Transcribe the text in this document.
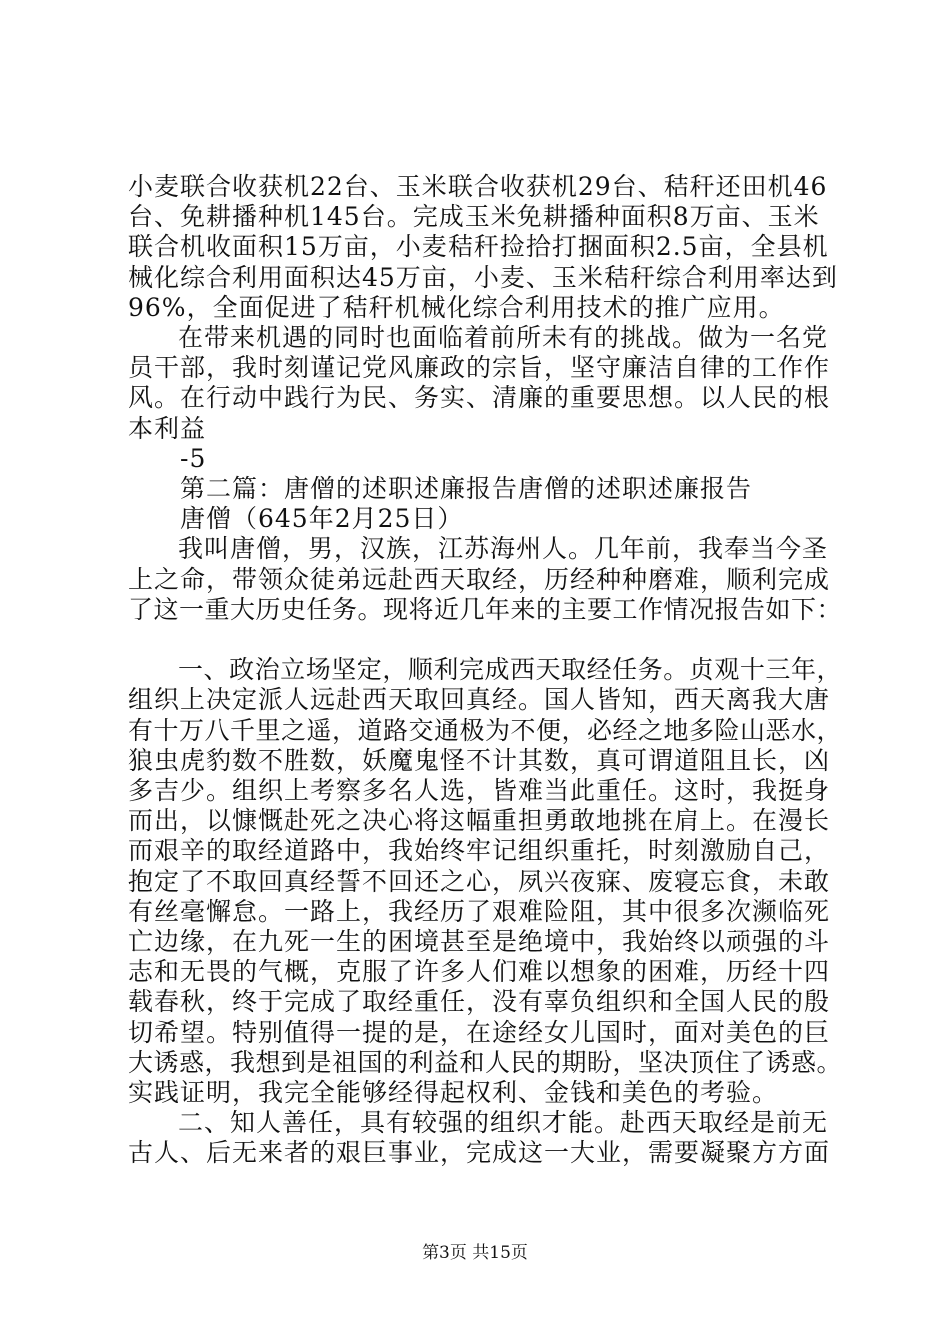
小麦联合收获机22台、玉米联合收获机29台、秸秆还田机46
台、免耕播种机145台。完成玉米免耕播种面积8万亩、玉米
联合机收面积15万亩，小麦秸秆捡拾打捆面积2.5亩，全县机
械化综合利用面积达45万亩，小麦、玉米秸秆综合利用率达到
96%，全面促进了秸秆机械化综合利用技术的推广应用。
在带来机遇的同时也面临着前所未有的挑战。做为一名党
员干部，我时刻谨记党风廉政的宗旨，坚守廉洁自律的工作作
风。在行动中践行为民、务实、清廉的重要思想。以人民的根
本利益
-5
第二篇：唐僧的述职述廉报告唐僧的述职述廉报告
唐僧（645年2月25日）
我叫唐僧，男，汉族，江苏海州人。几年前，我奉当今圣
上之命，带领众徒弟远赴西天取经，历经种种磨难，顺利完成
了这一重大历史任务。现将近几年来的主要工作情况报告如下：
一、政治立场坚定，顺利完成西天取经任务。贞观十三年，
组织上决定派人远赴西天取回真经。国人皆知，西天离我大唐
有十万八千里之遥，道路交通极为不便，必经之地多险山恶水，
狼虫虎豹数不胜数，妖魔鬼怪不计其数，真可谓道阻且长，凶
多吉少。组织上考察多名人选，皆难当此重任。这时，我挺身
而出，以慷慨赴死之决心将这幅重担勇敢地挑在肩上。在漫长
而艰辛的取经道路中，我始终牢记组织重托，时刻激励自己，
抱定了不取回真经誓不回还之心，夙兴夜寐、废寝忘食，未敢
有丝毫懈怠。一路上，我经历了艰难险阻，其中很多次濒临死
亡边缘，在九死一生的困境甚至是绝境中，我始终以顽强的斗
志和无畏的气概，克服了许多人们难以想象的困难，历经十四
载春秋，终于完成了取经重任，没有辜负组织和全国人民的殷
切希望。特别值得一提的是，在途经女儿国时，面对美色的巨
大诱惑，我想到是祖国的利益和人民的期盼，坚决顶住了诱惑。
实践证明，我完全能够经得起权利、金钱和美色的考验。
二、知人善任，具有较强的组织才能。赴西天取经是前无
古人、后无来者的艰巨事业，完成这一大业，需要凝聚方方面
第3页 共15页
